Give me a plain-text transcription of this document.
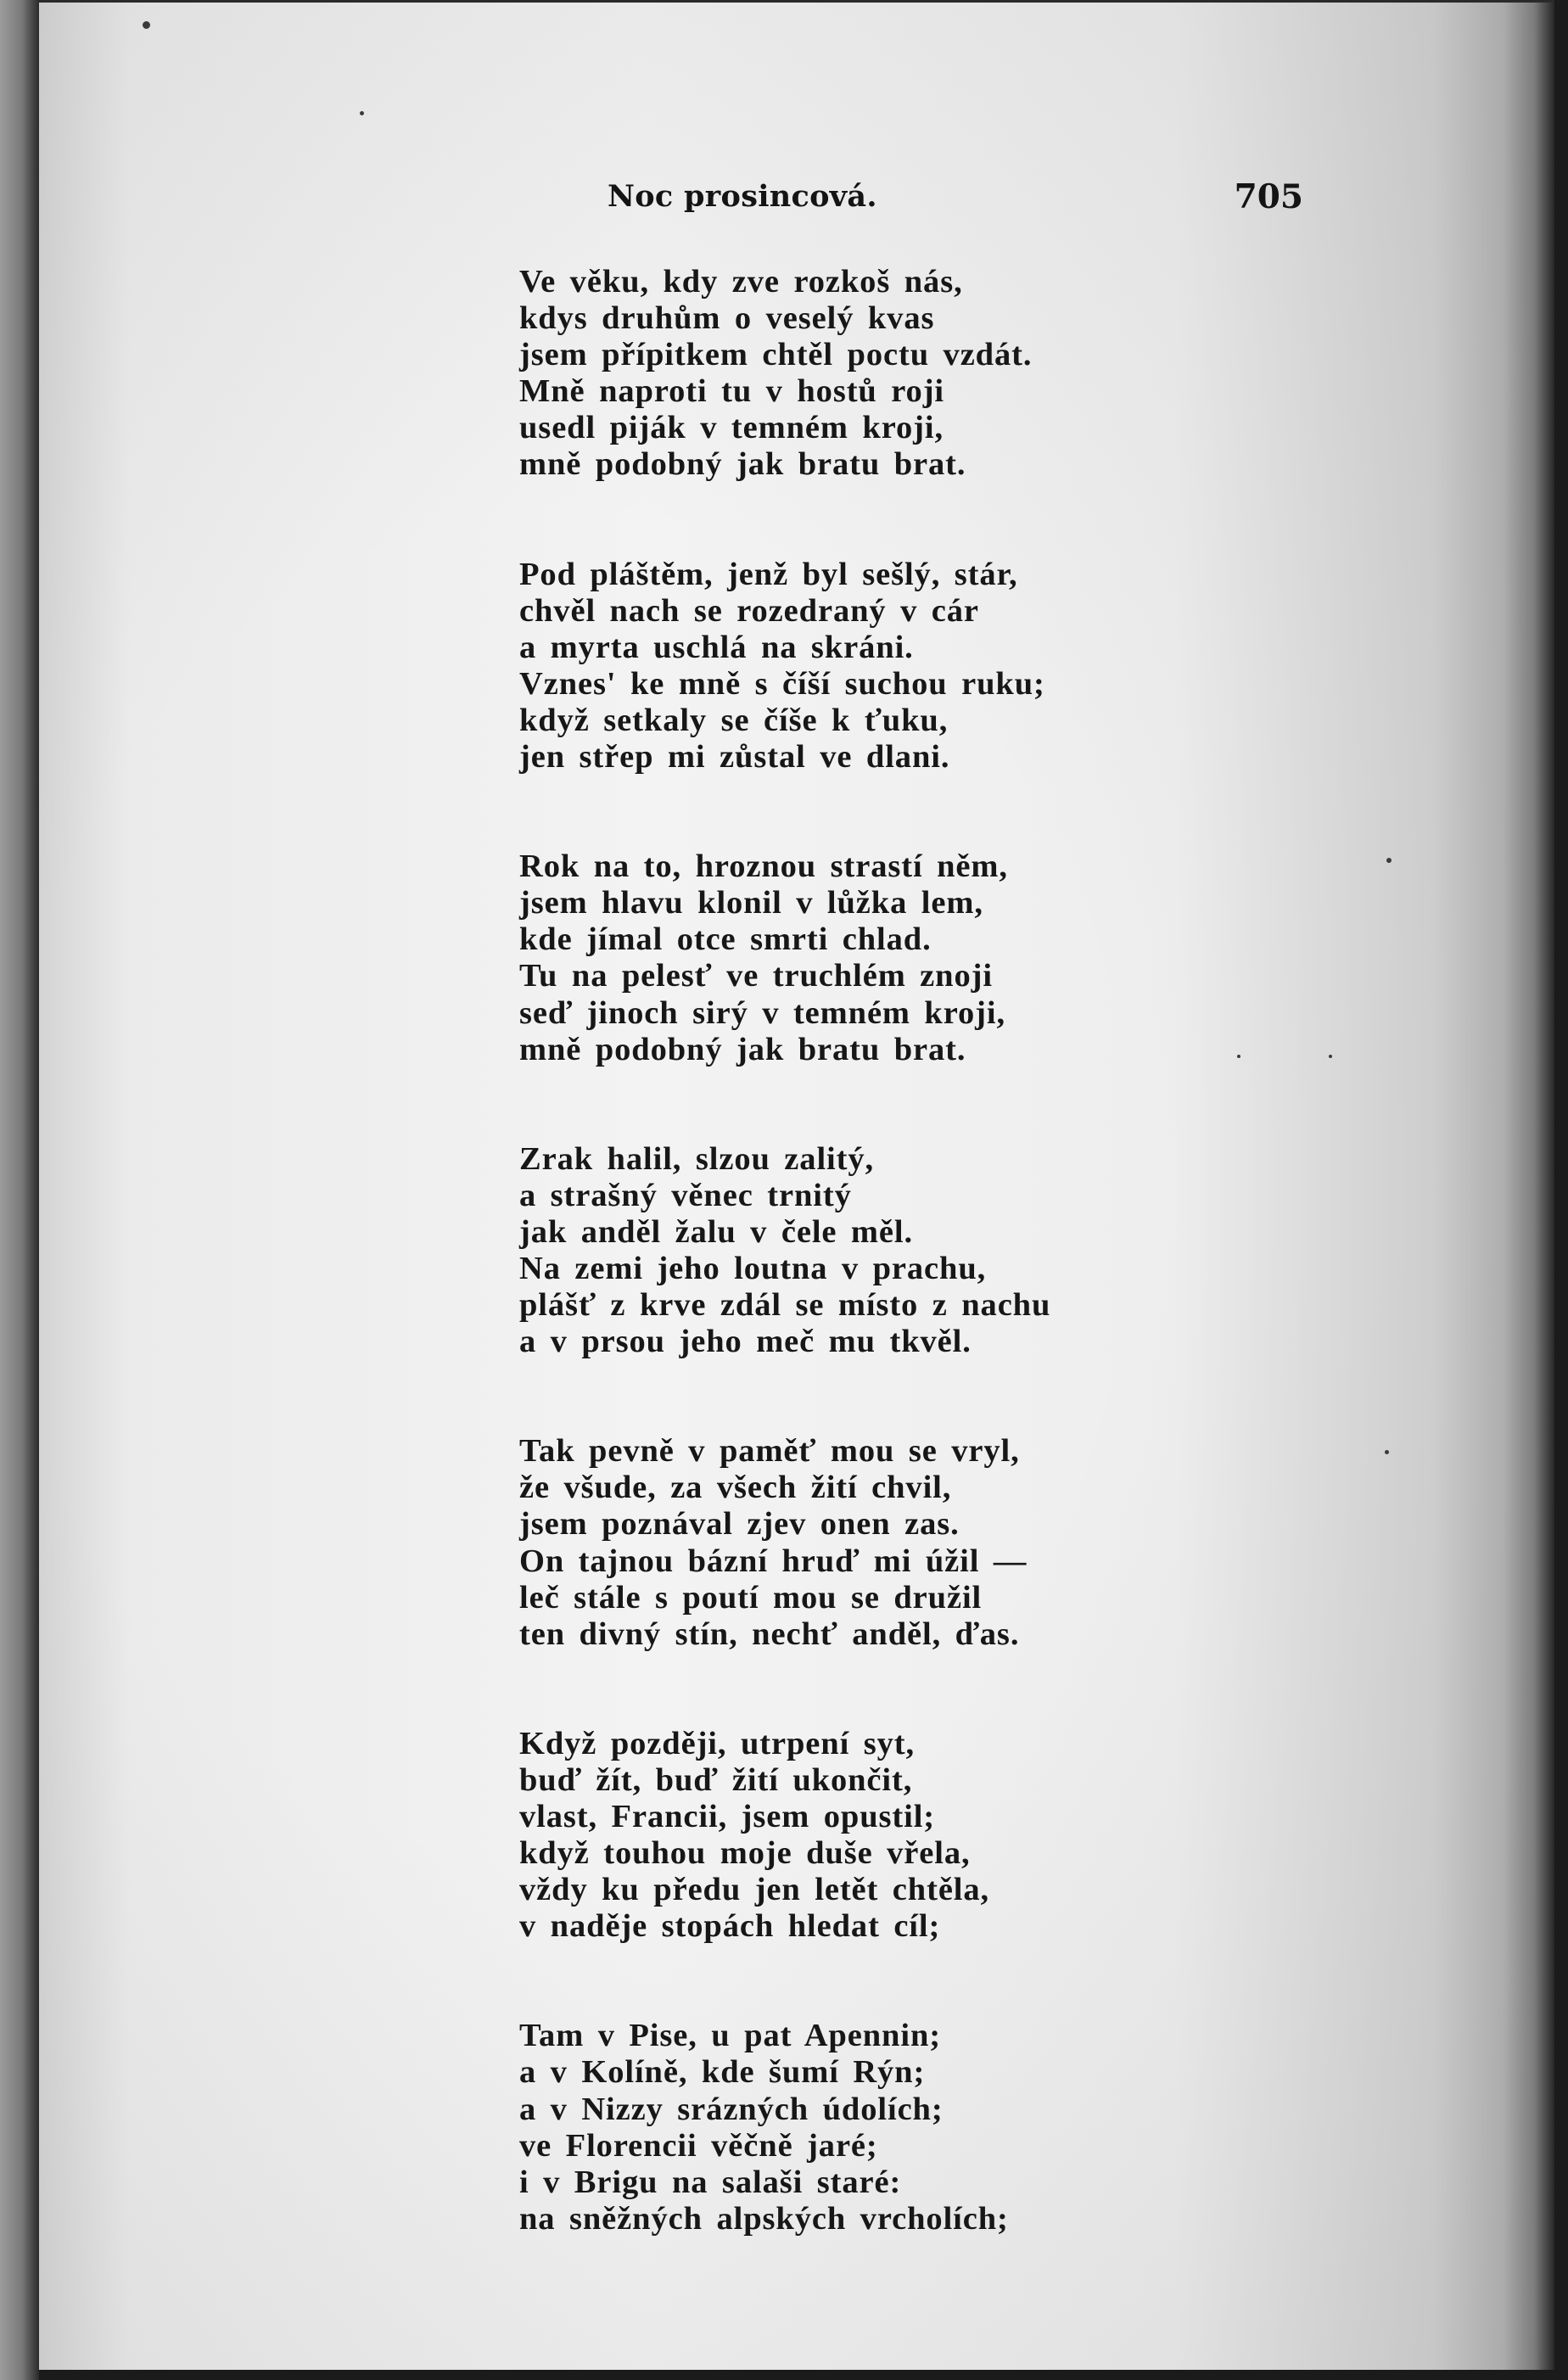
Noc prosincová.	705
Ve věku, kdy zve rozkoš nás,
kdys druhům o veselý kvas
jsem přípitkem chtěl poctu vzdát.
Mně naproti tu v hostů roji
usedl piják v temném kroji,
mně podobný jak bratu brat.
Pod pláštěm, jenž byl sešlý, stár,
chvěl nach se rozedraný v cár
a myrta uschlá na skráni.
Vznes' ke mně s číší suchou ruku;
když setkaly se číše k ťuku,
jen střep mi zůstal ve dlani.
Rok na to, hroznou strastí něm,
jsem hlavu klonil v lůžka lem,
kde jímal otce smrti chlad.
Tu na pelesť ve truchlém znoji
seď jinoch sirý v temném kroji,
mně podobný jak bratu brat.
Zrak halil, slzou zalitý,
a strašný věnec trnitý
jak anděl žalu v čele měl.
Na zemi jeho loutna v prachu,
plášť z krve zdál se místo z nachu
a v prsou jeho meč mu tkvěl.
Tak pevně v paměť mou se vryl,
že všude, za všech žití chvil,
jsem poznával zjev onen zas.
On tajnou bázní hruď mi úžil —
leč stále s poutí mou se družil
ten divný stín, nechť anděl, ďas.
Když později, utrpení syt,
buď žít, buď žití ukončit,
vlast, Francii, jsem opustil;
když touhou moje duše vřela,
vždy ku předu jen letět chtěla,
v naděje stopách hledat cíl;
Tam v Pise, u pat Apennin;
a v Kolíně, kde šumí Rýn;
a v Nizzy srázných údolích;
ve Florencii věčně jaré;
i v Brigu na salaši staré:
na sněžných alpských vrcholích;
